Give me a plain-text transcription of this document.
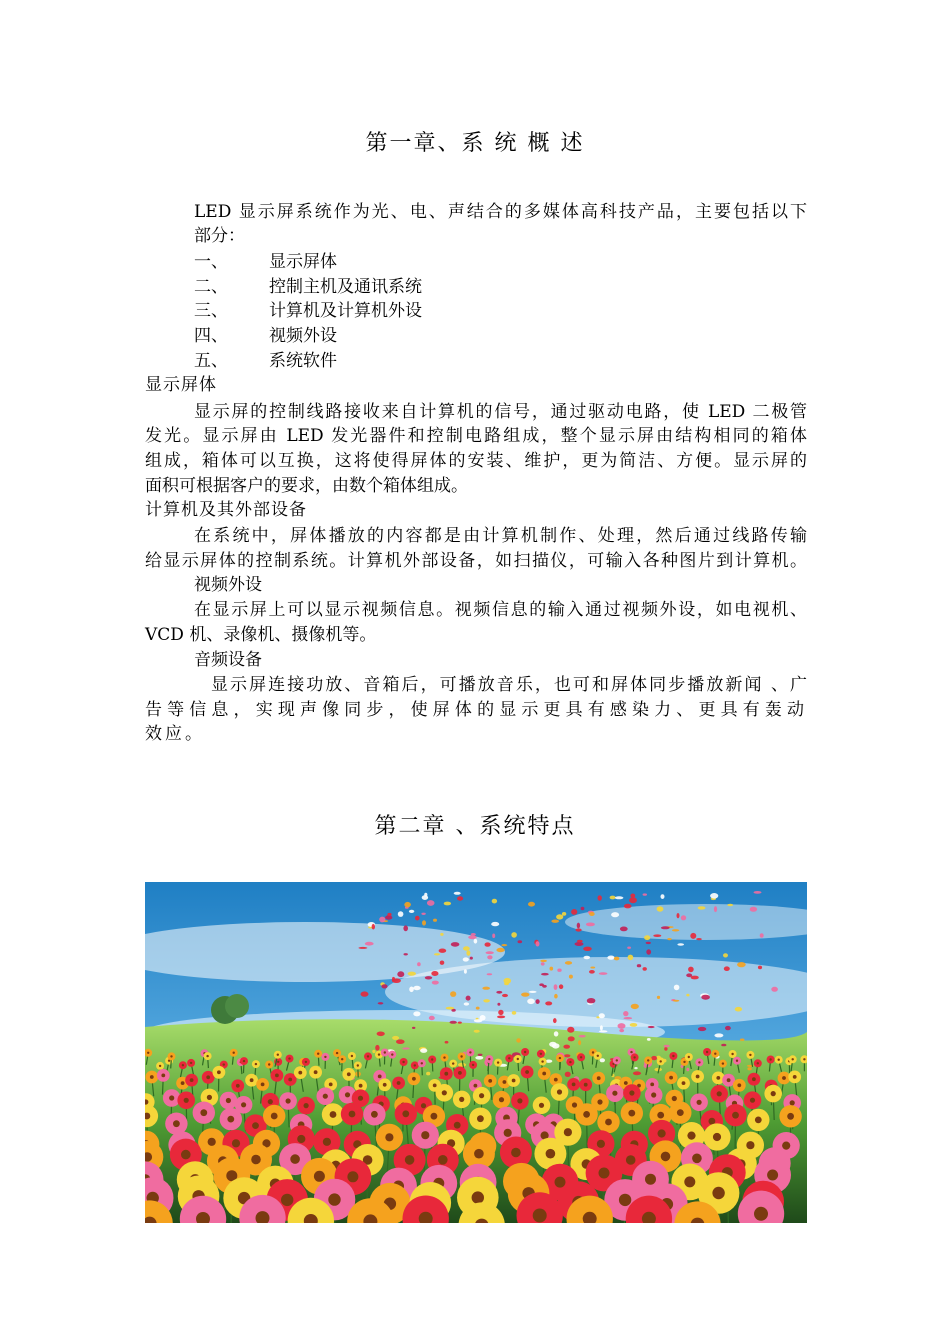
第一章、系 统 概 述
LED 显示屏系统作为光、电、声结合的多媒体高科技产品，主要包括以下
部分：
一、 显示屏体
二、 控制主机及通讯系统
三、 计算机及计算机外设
四、 视频外设
五、 系统软件
显示屏体
显示屏的控制线路接收来自计算机的信号，通过驱动电路，使 LED 二极管
发光。显示屏由 LED 发光器件和控制电路组成，整个显示屏由结构相同的箱体
组成，箱体可以互换，这将使得屏体的安装、维护，更为简洁、方便。显示屏的
面积可根据客户的要求，由数个箱体组成。
计算机及其外部设备
在系统中，屏体播放的内容都是由计算机制作、处理，然后通过线路传输
给显示屏体的控制系统。计算机外部设备，如扫描仪，可输入各种图片到计算机。
视频外设
在显示屏上可以显示视频信息。视频信息的输入通过视频外设，如电视机、
VCD 机、录像机、摄像机等。
音频设备
显示屏连接功放、音箱后，可播放音乐，也可和屏体同步播放新闻 、广
告等信息，实现声像同步，使屏体的显示更具有感染力、更具有轰动
效应。
第二章 、系统特点
